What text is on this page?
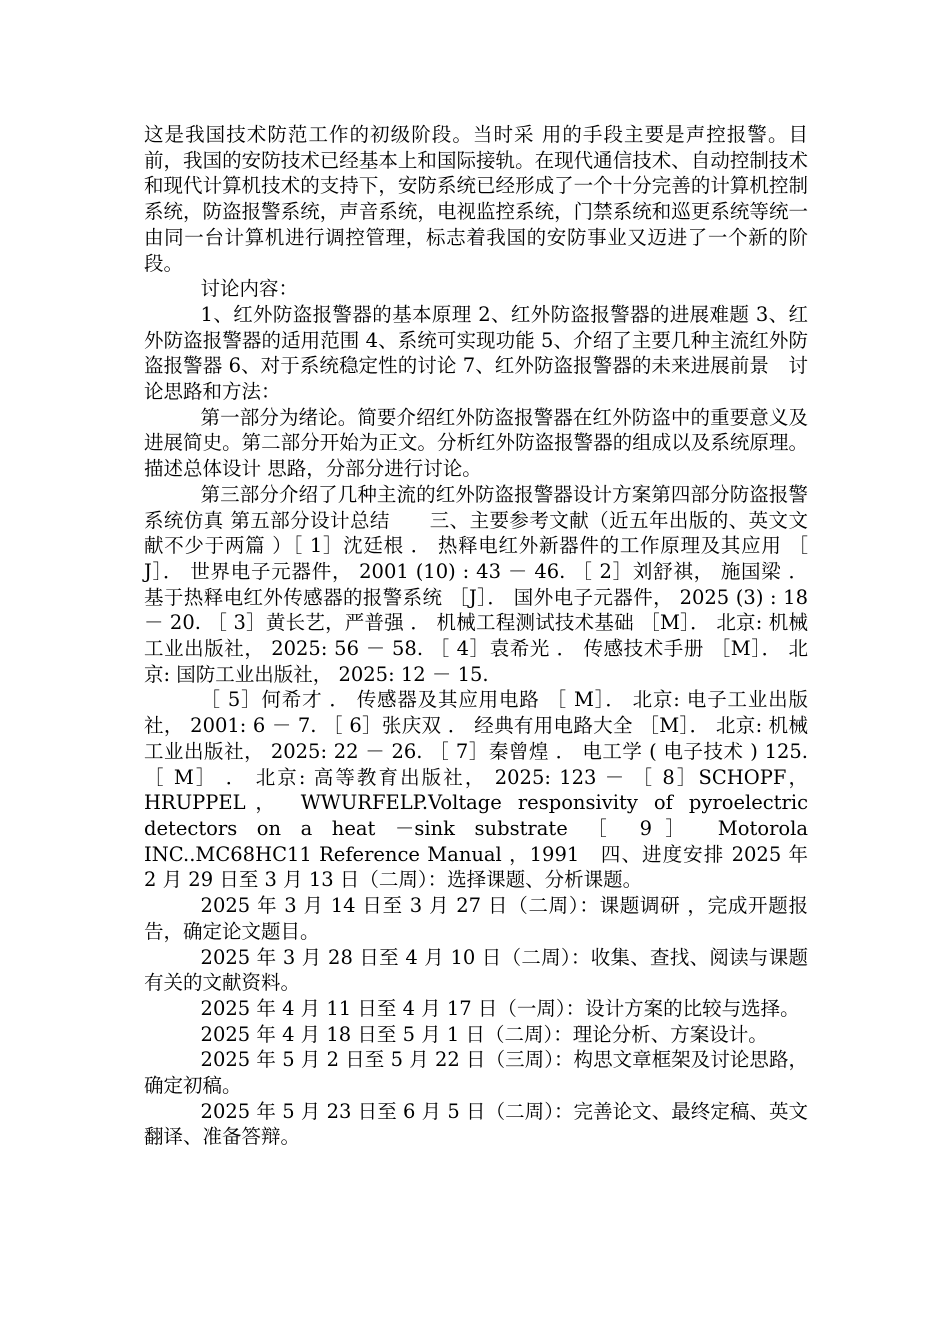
这是我国技术防范工作的初级阶段。当时采 用的手段主要是声控报警。目前，我国的安防技术已经基本上和国际接轨。在现代通信技术、自动控制技术和现代计算机技术的支持下，安防系统已经形成了一个十分完善的计算机控制系统，防盗报警系统，声音系统，电视监控系统，门禁系统和巡更系统等统一由同一台计算机进行调控管理，标志着我国的安防事业又迈进了一个新的阶段。

讨论内容：

1、红外防盗报警器的基本原理 2、红外防盗报警器的进展难题 3、红外防盗报警器的适用范围 4、系统可实现功能 5、介绍了主要几种主流红外防盗报警器 6、对于系统稳定性的讨论 7、红外防盗报警器的未来进展前景　讨论思路和方法：

第一部分为绪论。简要介绍红外防盗报警器在红外防盗中的重要意义及进展简史。第二部分开始为正文。分析红外防盗报警器的组成以及系统原理。描述总体设计 思路，分部分进行讨论。

第三部分介绍了几种主流的红外防盗报警器设计方案第四部分防盗报警系统仿真 第五部分设计总结　　三、主要参考文献（近五年出版的、英文文献不少于两篇 ）［ 1］沈廷根 ． 热释电红外新器件的工作原理及其应用 ［ J］． 世界电子元器件， 2001 (10) : 43 － 46. ［ 2］刘舒祺， 施国梁 ． 基于热释电红外传感器的报警系统 ［J］． 国外电子元器件， 2025 (3) : 18 － 20. ［ 3］黄长艺，严普强 ． 机械工程测试技术基础 ［M］． 北京: 机械工业出版社， 2025: 56 － 58. ［ 4］袁希光 ． 传感技术手册 ［M］． 北京: 国防工业出版社， 2025: 12 － 15.

［ 5］何希才 ． 传感器及其应用电路 ［ M］． 北京: 电子工业出版社， 2001: 6 － 7. ［ 6］张庆双 ． 经典有用电路大全 ［M］． 北京: 机械工业出版社， 2025: 22 － 26. ［ 7］秦曾煌 ． 电工学 ( 电子技术 ) 125. ［ M］ ． 北京: 高等教育出版社， 2025: 123 － ［ 8］SCHOPF， HRUPPEL， WWURFELP.Voltage responsivity of pyroelectric detectors on a heat －sink substrate ［ 9］ Motorola INC..MC68HC11 Reference Manual ，1991　四、进度安排 2025 年 2 月 29 日至 3 月 13 日（二周）：选择课题、分析课题。

2025 年 3 月 14 日至 3 月 27 日（二周）：课题调研 ，完成开题报告，确定论文题目。

2025 年 3 月 28 日至 4 月 10 日（二周）：收集、查找、阅读与课题有关的文献资料。

2025 年 4 月 11 日至 4 月 17 日（一周）：设计方案的比较与选择。

2025 年 4 月 18 日至 5 月 1 日（二周）：理论分析、方案设计。

2025 年 5 月 2 日至 5 月 22 日（三周）：构思文章框架及讨论思路，确定初稿。

2025 年 5 月 23 日至 6 月 5 日（二周）：完善论文、最终定稿、英文翻译、准备答辩。
